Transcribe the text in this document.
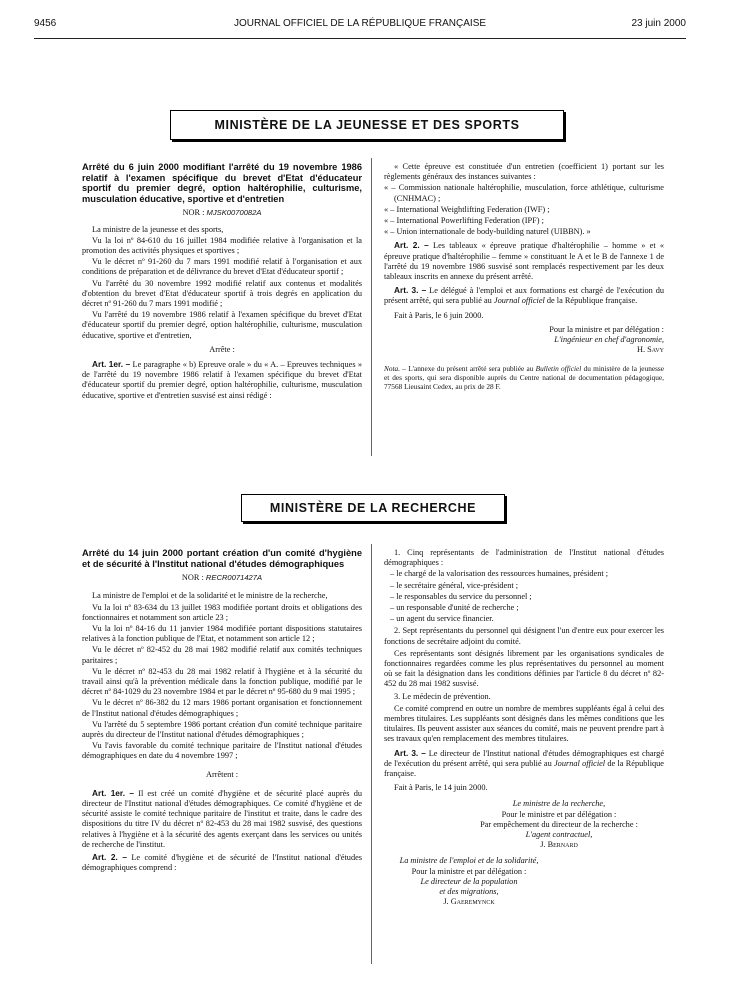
9456	JOURNAL OFFICIEL DE LA RÉPUBLIQUE FRANÇAISE	23 juin 2000
MINISTÈRE DE LA JEUNESSE ET DES SPORTS
Arrêté du 6 juin 2000 modifiant l'arrêté du 19 novembre 1986 relatif à l'examen spécifique du brevet d'Etat d'éducateur sportif du premier degré, option haltérophilie, culturisme, musculation éducative, sportive et d'entretien
NOR : MJSK0070082A

La ministre de la jeunesse et des sports,

Vu la loi nº 84-610 du 16 juillet 1984 modifiée relative à l'organisation et la promotion des activités physiques et sportives ;

Vu le décret nº 91-260 du 7 mars 1991 modifié relatif à l'organisation et aux conditions de préparation et de délivrance du brevet d'Etat d'éducateur sportif ;

Vu l'arrêté du 30 novembre 1992 modifié relatif aux contenus et modalités d'obtention du brevet d'Etat d'éducateur sportif à trois degrés en application du décret nº 91-260 du 7 mars 1991 modifié ;

Vu l'arrêté du 19 novembre 1986 relatif à l'examen spécifique du brevet d'Etat d'éducateur sportif du premier degré, option haltérophilie, culturisme, musculation éducative, sportive et d'entretien,

Arrête :

Art. 1er. – Le paragraphe « b) Epreuve orale » du « A. – Epreuves techniques » de l'arrêté du 19 novembre 1986 relatif à l'examen spécifique du brevet d'Etat d'éducateur sportif du premier degré, option haltérophilie, culturisme, musculation éducative, sportive et d'entretien susvisé est ainsi rédigé :

« Cette épreuve est constituée d'un entretien (coefficient 1) portant sur les règlements généraux des instances suivantes :

« – Commission nationale haltérophilie, musculation, force athlétique, culturisme (CNHMAC) ;
« – International Weightlifting Federation (IWF) ;
« – International Powerlifting Federation (IPF) ;
« – Union internationale de body-building naturel (UIBBN). »

Art. 2. – Les tableaux « épreuve pratique d'haltérophilie – homme » et « épreuve pratique d'haltérophilie – femme » constituant le A et le B de l'annexe 1 de l'arrêté du 19 novembre 1986 susvisé sont remplacés respectivement par les deux tableaux inscrits en annexe du présent arrêté.

Art. 3. – Le délégué à l'emploi et aux formations est chargé de l'exécution du présent arrêté, qui sera publié au Journal officiel de la République française.

Fait à Paris, le 6 juin 2000.

Pour la ministre et par délégation :
L'ingénieur en chef d'agronomie,
H. Savy
Nota. – L'annexe du présent arrêté sera publiée au Bulletin officiel du ministère de la jeunesse et des sports, qui sera disponible auprès du Centre national de documentation pédagogique, 77568 Lieusaint Cedex, au prix de 28 F.
MINISTÈRE DE LA RECHERCHE
Arrêté du 14 juin 2000 portant création d'un comité d'hygiène et de sécurité à l'Institut national d'études démographiques
NOR : RECR0071427A

La ministre de l'emploi et de la solidarité et le ministre de la recherche,

Vu la loi nº 83-634 du 13 juillet 1983 modifiée portant droits et obligations des fonctionnaires et notamment son article 23 ;

Vu la loi nº 84-16 du 11 janvier 1984 modifiée portant dispositions statutaires relatives à la fonction publique de l'Etat, et notamment son article 12 ;

Vu le décret nº 82-452 du 28 mai 1982 modifié relatif aux comités techniques paritaires ;

Vu le décret nº 82-453 du 28 mai 1982 relatif à l'hygiène et à la sécurité du travail ainsi qu'à la prévention médicale dans la fonction publique, modifié par le décret nº 84-1029 du 23 novembre 1984 et par le décret nº 95-680 du 9 mai 1995 ;

Vu le décret nº 86-382 du 12 mars 1986 portant organisation et fonctionnement de l'Institut national d'études démographiques ;

Vu l'arrêté du 5 septembre 1986 portant création d'un comité technique paritaire auprès du directeur de l'Institut national d'études démographiques ;

Vu l'avis favorable du comité technique paritaire de l'Institut national d'études démographiques en date du 4 novembre 1997 ;

Arrêtent :

Art. 1er. – Il est créé un comité d'hygiène et de sécurité placé auprès du directeur de l'Institut national d'études démographiques. Ce comité d'hygiène et de sécurité assiste le comité technique paritaire de l'institut et traite, dans le cadre des dispositions du titre IV du décret nº 82-453 du 28 mai 1982 susvisé, des questions relatives à l'hygiène et à la sécurité des agents exerçant dans les services ou unités de recherche de l'institut.

Art. 2. – Le comité d'hygiène et de sécurité de l'Institut national d'études démographiques comprend :

1. Cinq représentants de l'administration de l'Institut national d'études démographiques :

– le chargé de la valorisation des ressources humaines, président ;
– le secrétaire général, vice-président ;
– le responsables du service du personnel ;
– un responsable d'unité de recherche ;
– un agent du service financier.

2. Sept représentants du personnel qui désignent l'un d'entre eux pour exercer les fonctions de secrétaire adjoint du comité.

Ces représentants sont désignés librement par les organisations syndicales de fonctionnaires regardées comme les plus représentatives du personnel au moment où se fait la désignation dans les conditions définies par l'article 8 du décret nº 82-452 du 28 mai 1982 susvisé.

3. Le médecin de prévention.

Ce comité comprend en outre un nombre de membres suppléants égal à celui des membres titulaires. Les suppléants sont désignés dans les mêmes conditions que les titulaires. Ils peuvent assister aux séances du comité, mais ne peuvent prendre part à ses travaux qu'en remplacement des membres titulaires.

Art. 3. – Le directeur de l'Institut national d'études démographiques est chargé de l'exécution du présent arrêté, qui sera publié au Journal officiel de la République française.

Fait à Paris, le 14 juin 2000.

Le ministre de la recherche,
Pour le ministre et par délégation :
Par empêchement du directeur de la recherche :
L'agent contractuel,
J. Bernard
La ministre de l'emploi et de la solidarité,
Pour la ministre et par délégation :
Le directeur de la population
et des migrations,
J. Gaeremynck
